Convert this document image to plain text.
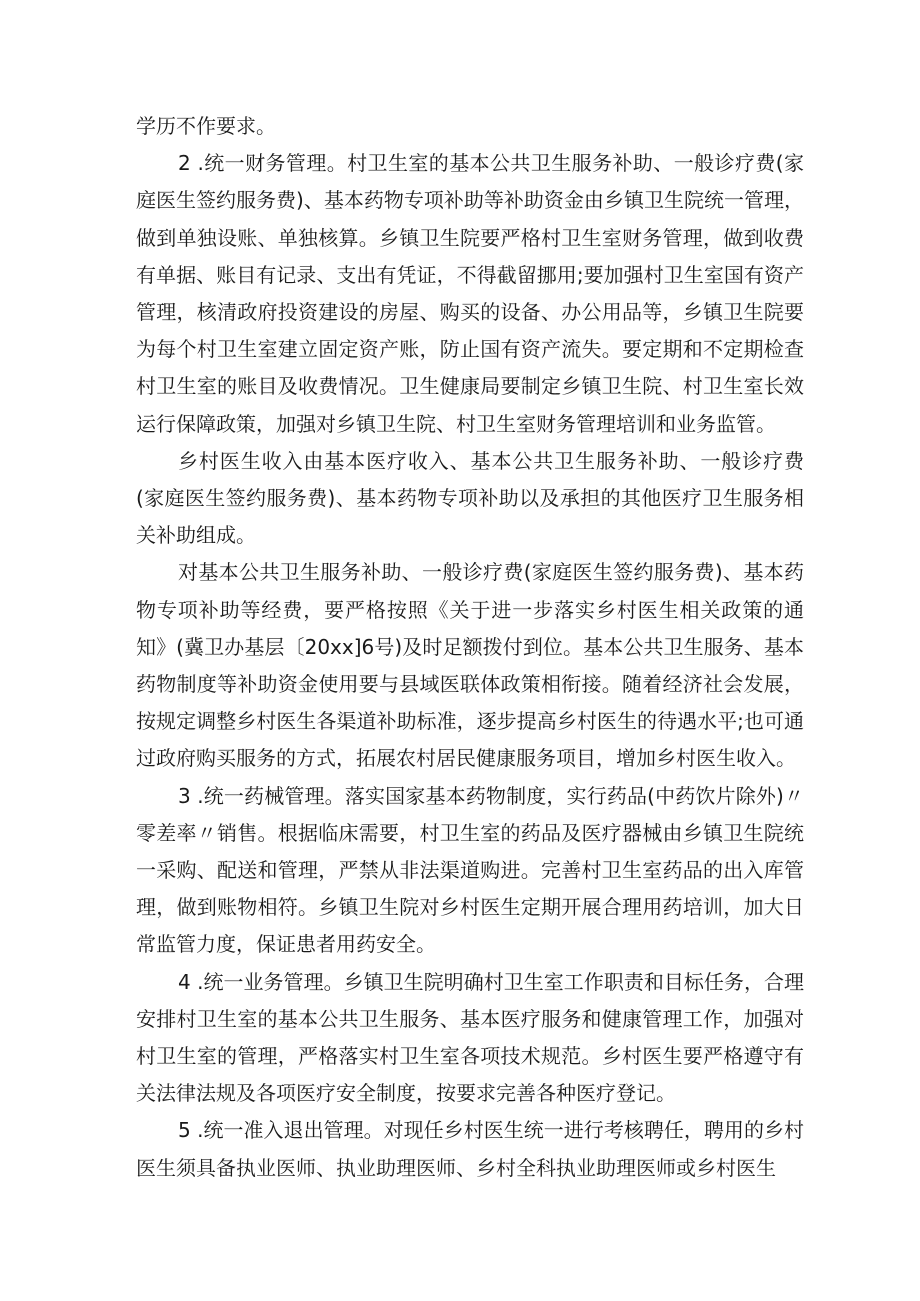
学历不作要求。

2 .统一财务管理。村卫生室的基本公共卫生服务补助、一般诊疗费(家庭医生签约服务费)、基本药物专项补助等补助资金由乡镇卫生院统一管理，做到单独设账、单独核算。乡镇卫生院要严格村卫生室财务管理，做到收费有单据、账目有记录、支出有凭证，不得截留挪用;要加强村卫生室国有资产管理，核清政府投资建设的房屋、购买的设备、办公用品等，乡镇卫生院要为每个村卫生室建立固定资产账，防止国有资产流失。要定期和不定期检查村卫生室的账目及收费情况。卫生健康局要制定乡镇卫生院、村卫生室长效运行保障政策，加强对乡镇卫生院、村卫生室财务管理培训和业务监管。

乡村医生收入由基本医疗收入、基本公共卫生服务补助、一般诊疗费(家庭医生签约服务费)、基本药物专项补助以及承担的其他医疗卫生服务相关补助组成。

对基本公共卫生服务补助、一般诊疗费(家庭医生签约服务费)、基本药物专项补助等经费，要严格按照《关于进一步落实乡村医生相关政策的通知》(冀卫办基层〔20xx]6号)及时足额拨付到位。基本公共卫生服务、基本药物制度等补助资金使用要与县域医联体政策相衔接。随着经济社会发展，按规定调整乡村医生各渠道补助标准，逐步提高乡村医生的待遇水平;也可通过政府购买服务的方式，拓展农村居民健康服务项目，增加乡村医生收入。

3 .统一药械管理。落实国家基本药物制度，实行药品(中药饮片除外)〃零差率〃销售。根据临床需要，村卫生室的药品及医疗器械由乡镇卫生院统一采购、配送和管理，严禁从非法渠道购进。完善村卫生室药品的出入库管理，做到账物相符。乡镇卫生院对乡村医生定期开展合理用药培训，加大日常监管力度，保证患者用药安全。

4 .统一业务管理。乡镇卫生院明确村卫生室工作职责和目标任务，合理安排村卫生室的基本公共卫生服务、基本医疗服务和健康管理工作，加强对村卫生室的管理，严格落实村卫生室各项技术规范。乡村医生要严格遵守有关法律法规及各项医疗安全制度，按要求完善各种医疗登记。

5 .统一准入退出管理。对现任乡村医生统一进行考核聘任，聘用的乡村医生须具备执业医师、执业助理医师、乡村全科执业助理医师或乡村医生
